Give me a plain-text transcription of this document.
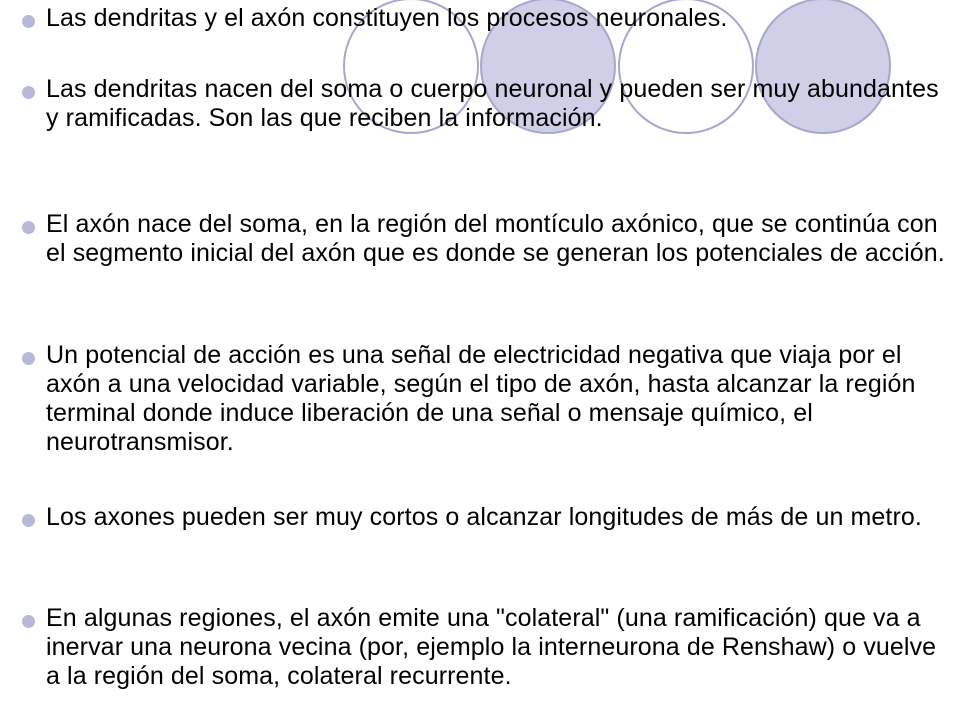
Las dendritas y el axón constituyen los procesos neuronales.
Las dendritas nacen del soma o cuerpo neuronal y pueden ser muy abundantes y ramificadas. Son las que reciben la información.
El axón nace del soma, en la región del montículo axónico, que se continúa con el segmento inicial del axón que es donde se generan los potenciales de acción.
Un potencial de acción es una señal de electricidad negativa que viaja por el axón a una velocidad variable, según el tipo de axón, hasta alcanzar la región terminal donde induce liberación de una señal o mensaje químico, el neurotransmisor.
Los axones pueden ser muy cortos o alcanzar longitudes de más de un metro.
En algunas regiones, el axón emite una "colateral" (una ramificación) que va a inervar una neurona vecina (por, ejemplo la interneurona de Renshaw) o vuelve a la región del soma, colateral recurrente.
